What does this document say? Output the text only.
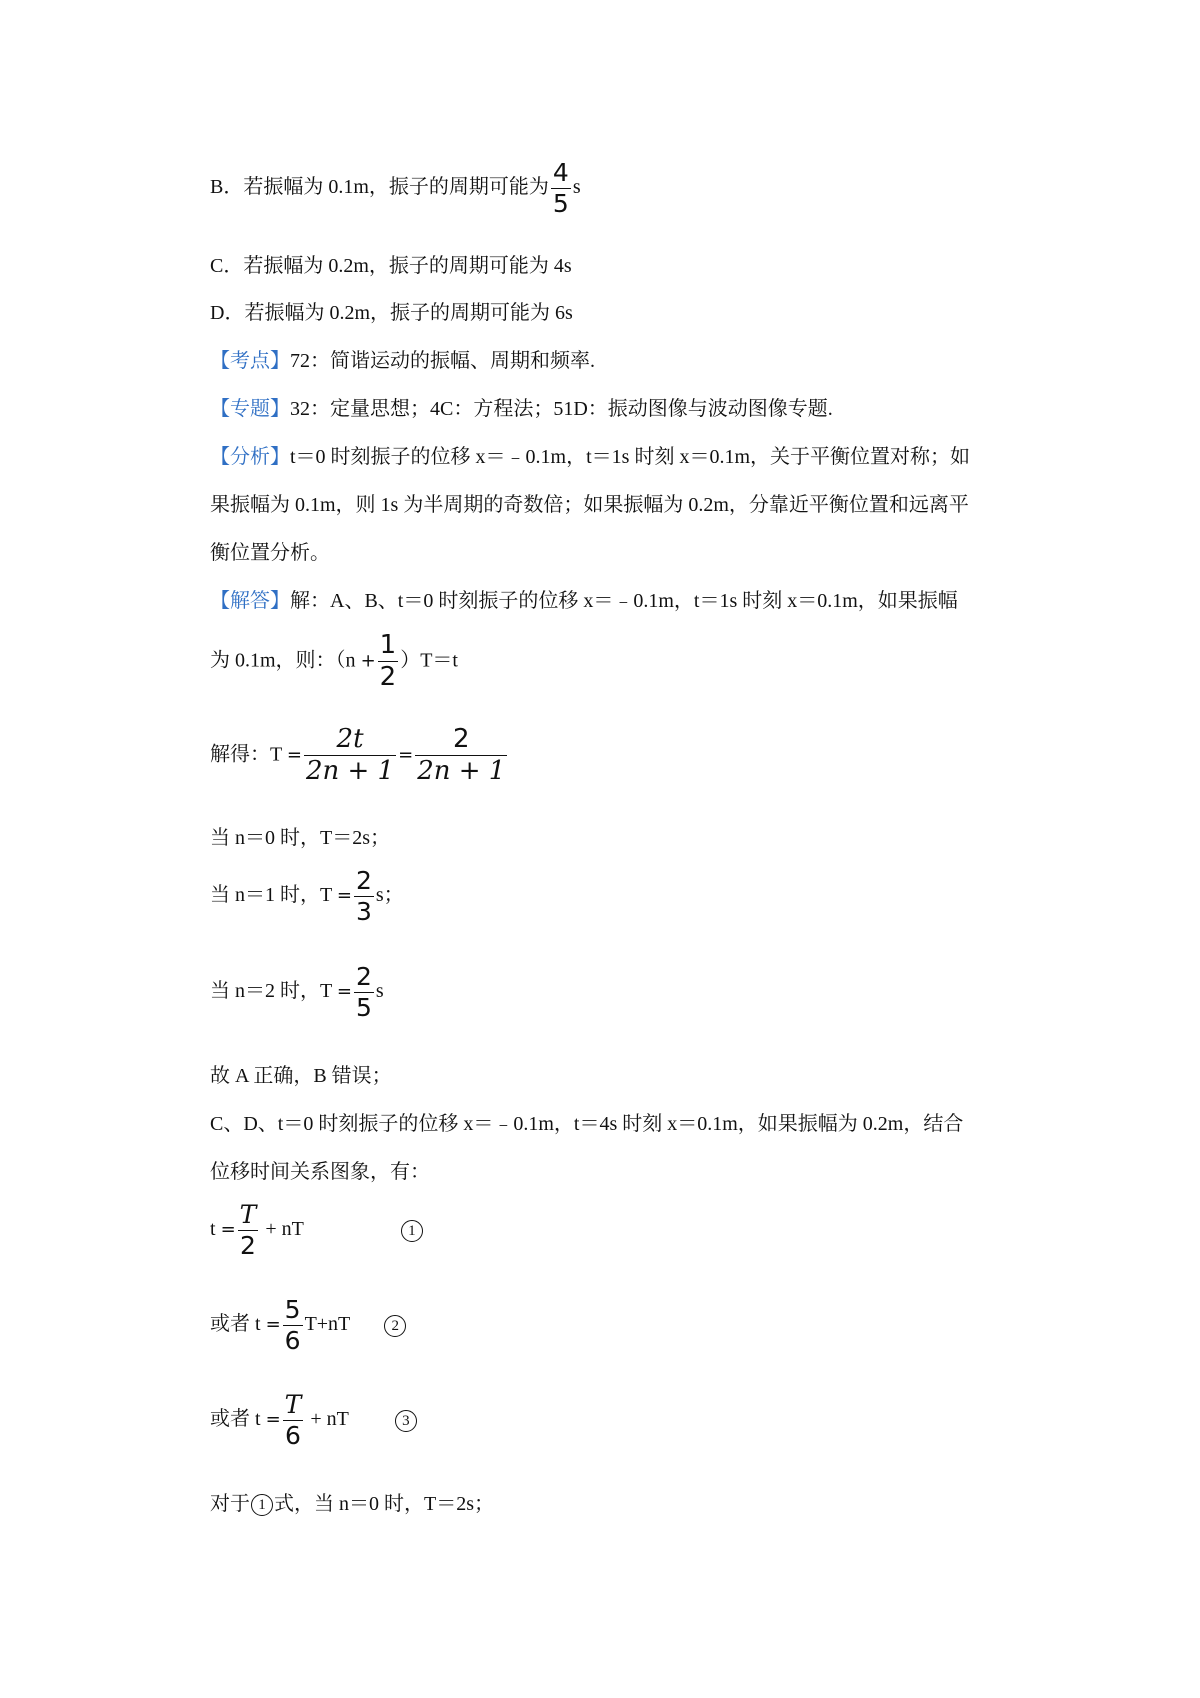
B．若振幅为 0.1m，振子的周期可能为 $\frac{4}{5}$ s
C．若振幅为 0.2m，振子的周期可能为 4s
D．若振幅为 0.2m，振子的周期可能为 6s
【考点】72：简谐运动的振幅、周期和频率.
【专题】32：定量思想；4C：方程法；51D：振动图像与波动图像专题.
【分析】t＝0 时刻振子的位移 x＝﹣0.1m，t＝1s 时刻 x＝0.1m，关于平衡位置对称；如
果振幅为 0.1m，则 1s 为半周期的奇数倍；如果振幅为 0.2m，分靠近平衡位置和远离平
衡位置分析。
【解答】解：A、B、t＝0 时刻振子的位移 x＝﹣0.1m，t＝1s 时刻 x＝0.1m，如果振幅
为 0.1m，则：$(n + \frac{1}{2} )T=t$
解得：$T = \frac{2t}{2n + 1} = \frac{2}{2n + 1}$
当 n＝0 时，T＝2s；
当 n＝1 时，$T = \frac{2}{3}$ s；
当 n＝2 时，$T = \frac{2}{5}$ s
故 A 正确，B 错误；
C、D、t＝0 时刻振子的位移 x＝﹣0.1m，t＝4s 时刻 x＝0.1m，如果振幅为 0.2m，结合
位移时间关系图象，有：
$t = \frac{T}{2}$ + nT	1
或者 $t = \frac{5}{6} T+nT$	2
或者 $t = \frac{T}{6}$ + nT	3
对于 1 式，当 n＝0 时，T＝2s；
